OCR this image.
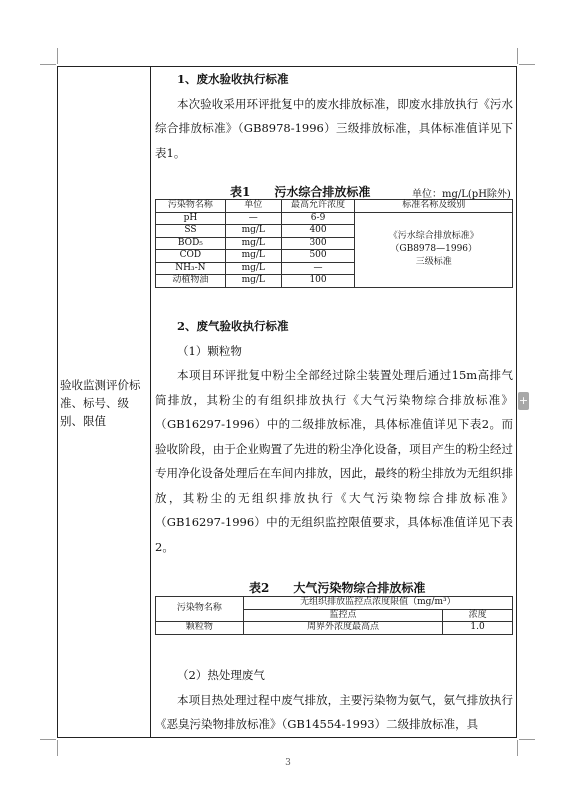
验收监测评价标准、标号、级别、限值
1、废水验收执行标准

本次验收采用环评批复中的废水排放标准，即废水排放执行《污水综合排放标准》（GB8978-1996）三级排放标准，具体标准值详见下表1。

表1　　污水综合排放标准	单位：mg/L(pH除外)
污染物名称	单位	最高允许浓度	标准名称及级别
pH	—	6-9	《污水综合排放标准》
（GB8978—1996）
三级标准

SS	mg/L	400	
BOD₅	mg/L	300	
COD	mg/L	500	
NH₃-N	mg/L	—	
动植物油	mg/L	100	
2、废气验收执行标准
（1）颗粒物

本项目环评批复中粉尘全部经过除尘装置处理后通过15m高排气筒排放，其粉尘的有组织排放执行《大气污染物综合排放标准》（GB16297-1996）中的二级排放标准，具体标准值详见下表2。而验收阶段，由于企业购置了先进的粉尘净化设备，项目产生的粉尘经过专用净化设备处理后在车间内排放，因此，最终的粉尘排放为无组织排放，其粉尘的无组织排放执行《大气污染物综合排放标准》（GB16297-1996）中的无组织监控限值要求，具体标准值详见下表2。

表2　　大气污染物综合排放标准
污染物名称	无组织排放监控点浓度限值（mg/m³）	
	监控点	浓度
颗粒物	周界外浓度最高点	1.0
（2）热处理废气

本项目热处理过程中废气排放，主要污染物为氨气，氨气排放执行《恶臭污染物排放标准》（GB14554-1993）二级排放标准，具

3
+
